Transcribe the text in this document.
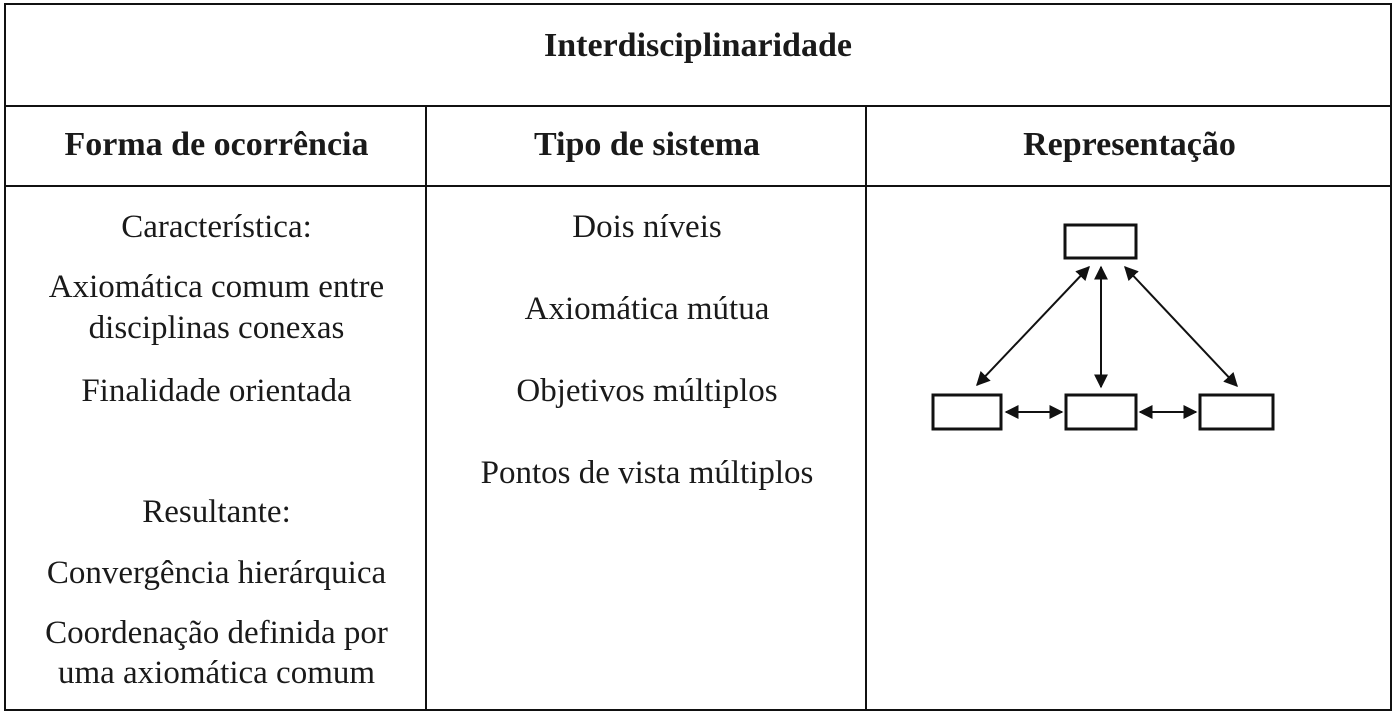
Interdisciplinaridade
Forma de ocorrência	Tipo de sistema	Representação

Característica:

Axiomática comum entre

disciplinas conexas

Finalidade orientada

Resultante:

Convergência hierárquica

Coordenação definida por

uma axiomática comum

Dois níveis

Axiomática mútua

Objetivos múltiplos

Pontos de vista múltiplos
